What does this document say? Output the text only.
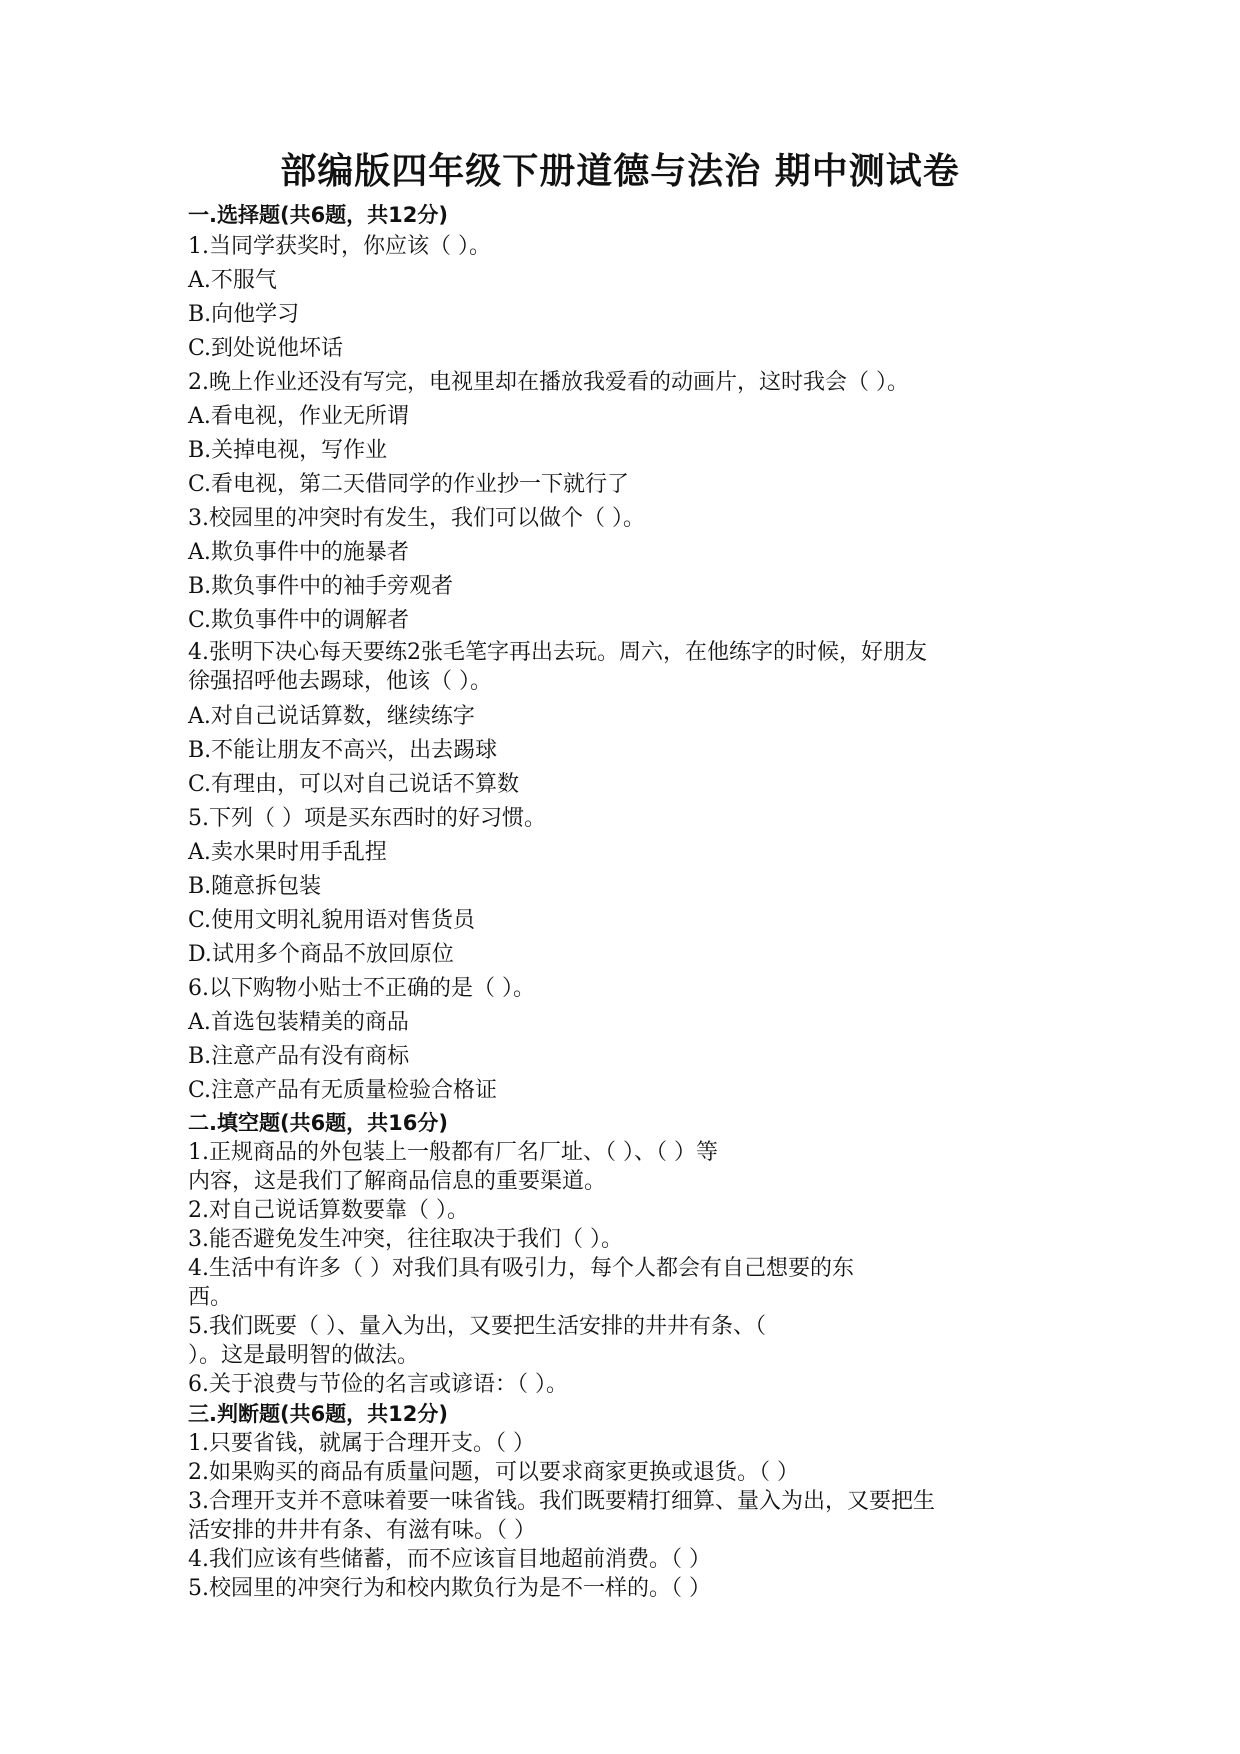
部编版四年级下册道德与法治 期中测试卷
一.选择题(共6题，共12分)
1.当同学获奖时，你应该（ ）。
A.不服气
B.向他学习
C.到处说他坏话
2.晚上作业还没有写完，电视里却在播放我爱看的动画片，这时我会（ ）。
A.看电视，作业无所谓
B.关掉电视，写作业
C.看电视，第二天借同学的作业抄一下就行了
3.校园里的冲突时有发生，我们可以做个（ ）。
A.欺负事件中的施暴者
B.欺负事件中的袖手旁观者
C.欺负事件中的调解者
4.张明下决心每天要练2张毛笔字再出去玩。周六，在他练字的时候，好朋友
徐强招呼他去踢球，他该（ ）。
A.对自己说话算数，继续练字
B.不能让朋友不高兴，出去踢球
C.有理由，可以对自己说话不算数
5.下列（ ）项是买东西时的好习惯。
A.卖水果时用手乱捏
B.随意拆包装
C.使用文明礼貌用语对售货员
D.试用多个商品不放回原位
6.以下购物小贴士不正确的是（ ）。
A.首选包装精美的商品
B.注意产品有没有商标
C.注意产品有无质量检验合格证
二.填空题(共6题，共16分)
1.正规商品的外包装上一般都有厂名厂址、（ ）、（ ）等
内容，这是我们了解商品信息的重要渠道。
2.对自己说话算数要靠（ ）。
3.能否避免发生冲突，往往取决于我们（ ）。
4.生活中有许多（ ）对我们具有吸引力，每个人都会有自己想要的东
西。
5.我们既要（ ）、量入为出，又要把生活安排的井井有条、（
）。这是最明智的做法。
6.关于浪费与节俭的名言或谚语：（ ）。
三.判断题(共6题，共12分)
1.只要省钱，就属于合理开支。（ ）
2.如果购买的商品有质量问题，可以要求商家更换或退货。（ ）
3.合理开支并不意味着要一味省钱。我们既要精打细算、量入为出，又要把生
活安排的井井有条、有滋有味。（ ）
4.我们应该有些储蓄，而不应该盲目地超前消费。（ ）
5.校园里的冲突行为和校内欺负行为是不一样的。（ ）
